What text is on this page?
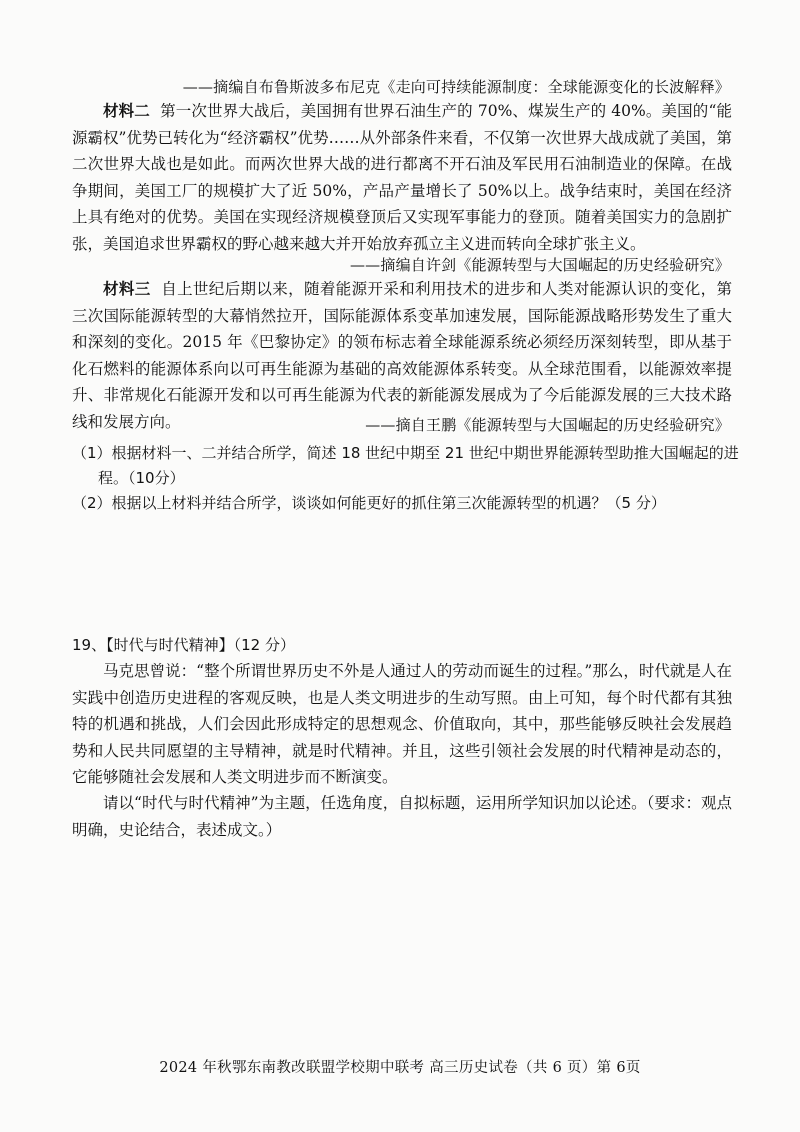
——摘编自布鲁斯波多布尼克《走向可持续能源制度：全球能源变化的长波解释》

材料二 第一次世界大战后，美国拥有世界石油生产的 70%、煤炭生产的 40%。美国的“能源霸权”优势已转化为“经济霸权”优势……从外部条件来看，不仅第一次世界大战成就了美国，第二次世界大战也是如此。而两次世界大战的进行都离不开石油及军民用石油制造业的保障。在战争期间，美国工厂的规模扩大了近 50%，产品产量增长了 50%以上。战争结束时，美国在经济上具有绝对的优势。美国在实现经济规模登顶后又实现军事能力的登顶。随着美国实力的急剧扩张，美国追求世界霸权的野心越来越大并开始放弃孤立主义进而转向全球扩张主义。

——摘编自许剑《能源转型与大国崛起的历史经验研究》

材料三 自上世纪后期以来，随着能源开采和利用技术的进步和人类对能源认识的变化，第三次国际能源转型的大幕悄然拉开，国际能源体系变革加速发展，国际能源战略形势发生了重大和深刻的变化。2015 年《巴黎协定》的领布标志着全球能源系统必须经历深刻转型，即从基于化石燃料的能源体系向以可再生能源为基础的高效能源体系转变。从全球范围看，以能源效率提升、非常规化石能源开发和以可再生能源为代表的新能源发展成为了今后能源发展的三大技术路线和发展方向。	——摘自王鹏《能源转型与大国崛起的历史经验研究》

（1）根据材料一、二并结合所学，简述 18 世纪中期至 21 世纪中期世界能源转型助推大国崛起的进程。（10分）

（2）根据以上材料并结合所学，谈谈如何能更好的抓住第三次能源转型的机遇？（5 分）

19、【时代与时代精神】（12 分）

马克思曾说：“整个所谓世界历史不外是人通过人的劳动而诞生的过程。”那么，时代就是人在实践中创造历史进程的客观反映，也是人类文明进步的生动写照。由上可知，每个时代都有其独特的机遇和挑战，人们会因此形成特定的思想观念、价值取向，其中，那些能够反映社会发展趋势和人民共同愿望的主导精神，就是时代精神。并且，这些引领社会发展的时代精神是动态的，它能够随社会发展和人类文明进步而不断演变。

请以“时代与时代精神”为主题，任选角度，自拟标题，运用所学知识加以论述。（要求：观点明确，史论结合，表述成文。）

2024 年秋鄂东南教改联盟学校期中联考 高三历史试卷（共 6 页）第 6页
